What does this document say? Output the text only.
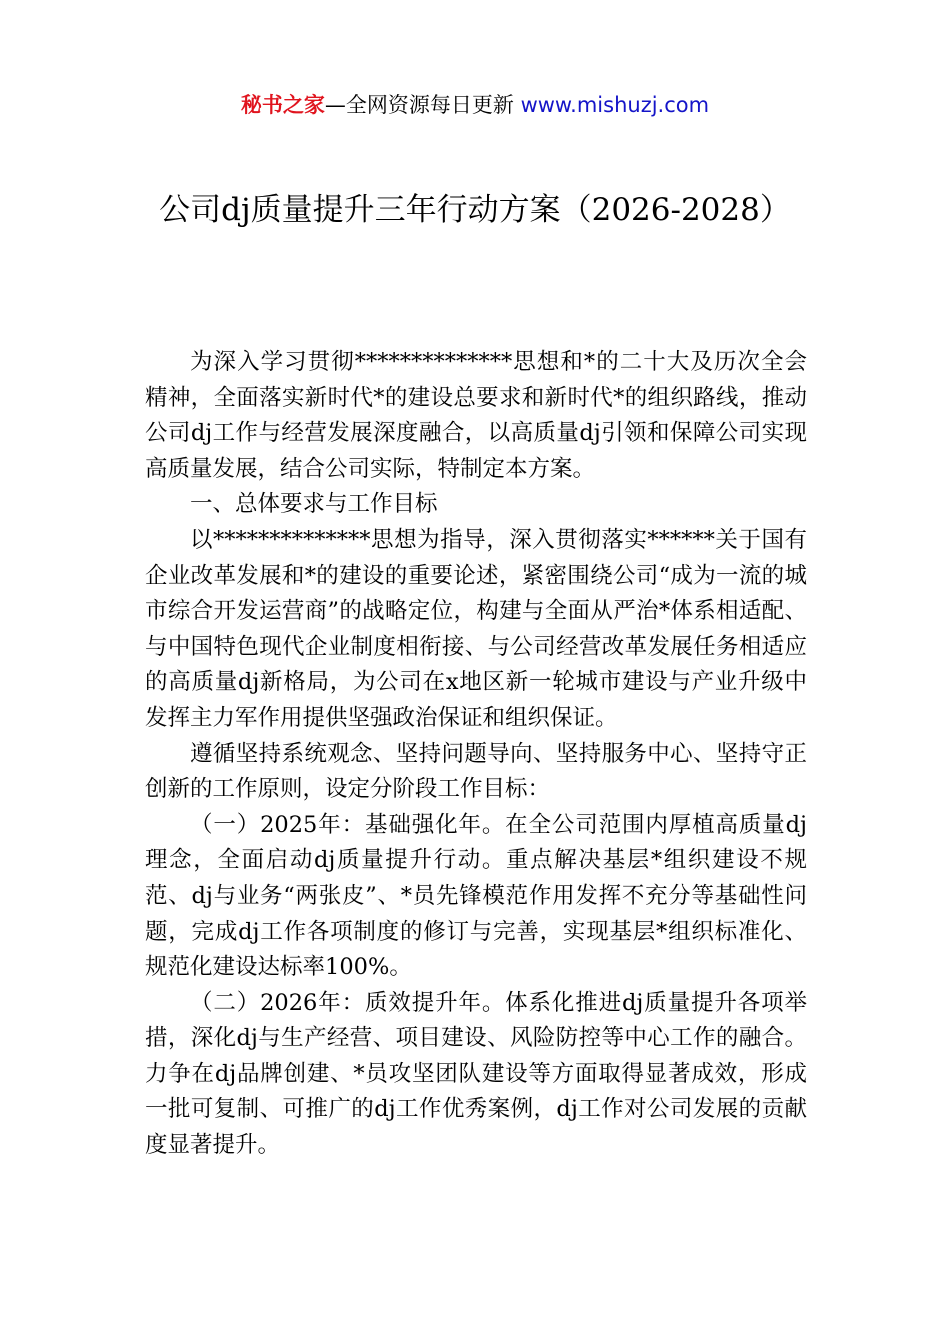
秘书之家—全网资源每日更新 www.mishuzj.com
公司dj质量提升三年行动方案（2026-2028）

为深入学习贯彻**************思想和*的二十大及历次全会精神，全面落实新时代*的建设总要求和新时代*的组织路线，推动公司dj工作与经营发展深度融合，以高质量dj引领和保障公司实现高质量发展，结合公司实际，特制定本方案。

一、总体要求与工作目标

以**************思想为指导，深入贯彻落实******关于国有企业改革发展和*的建设的重要论述，紧密围绕公司“成为一流的城市综合开发运营商”的战略定位，构建与全面从严治*体系相适配、与中国特色现代企业制度相衔接、与公司经营改革发展任务相适应的高质量dj新格局，为公司在x地区新一轮城市建设与产业升级中发挥主力军作用提供坚强政治保证和组织保证。

遵循坚持系统观念、坚持问题导向、坚持服务中心、坚持守正创新的工作原则，设定分阶段工作目标：

（一）2025年：基础强化年。在全公司范围内厚植高质量dj理念，全面启动dj质量提升行动。重点解决基层*组织建设不规范、dj与业务“两张皮”、*员先锋模范作用发挥不充分等基础性问题，完成dj工作各项制度的修订与完善，实现基层*组织标准化、规范化建设达标率100%。

（二）2026年：质效提升年。体系化推进dj质量提升各项举措，深化dj与生产经营、项目建设、风险防控等中心工作的融合。力争在dj品牌创建、*员攻坚团队建设等方面取得显著成效，形成一批可复制、可推广的dj工作优秀案例，dj工作对公司发展的贡献度显著提升。
